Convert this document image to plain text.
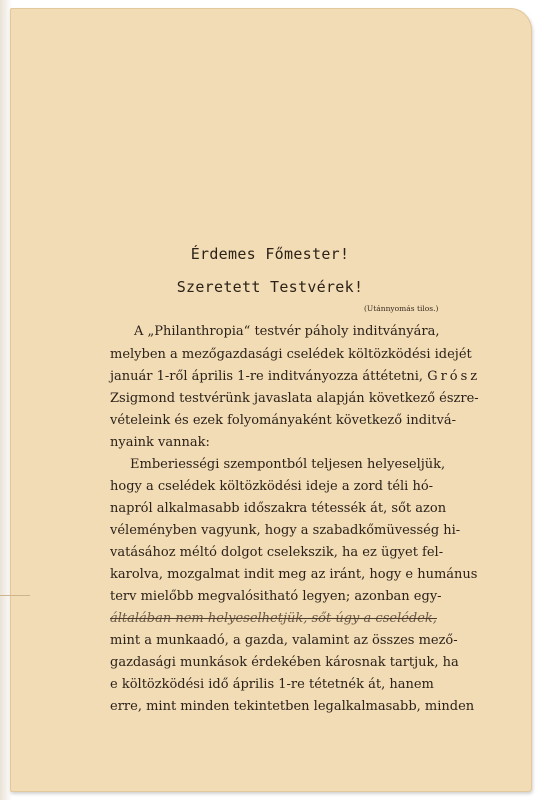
Érdemes Főmester!
Szeretett Testvérek!
(Utánnyomás tilos.)
A „Philanthropia“ testvér páholy inditványára,
melyben a mezőgazdasági cselédek költözködési idejét
január 1-ről április 1-re inditványozza áttétetni, Grósz
Zsigmond testvérünk javaslata alapján következő észre-
vételeink és ezek folyományaként következő inditvá-
nyaink vannak:
Emberiességi szempontból teljesen helyeseljük,
hogy a cselédek költözködési ideje a zord téli hó-
napról alkalmasabb időszakra tétessék át, sőt azon
véleményben vagyunk, hogy a szabadkőmüvesség hi-
vatásához méltó dolgot cselekszik, ha ez ügyet fel-
karolva, mozgalmat indit meg az iránt, hogy e humánus
terv mielőbb megvalósitható legyen; azonban egy-
általában nem helyeselhetjük, sőt úgy a cselédek,
mint a munkaadó, a gazda, valamint az összes mező-
gazdasági munkások érdekében károsnak tartjuk, ha
e költözködési idő április 1-re tétetnék át, hanem
erre, mint minden tekintetben legalkalmasabb, minden
